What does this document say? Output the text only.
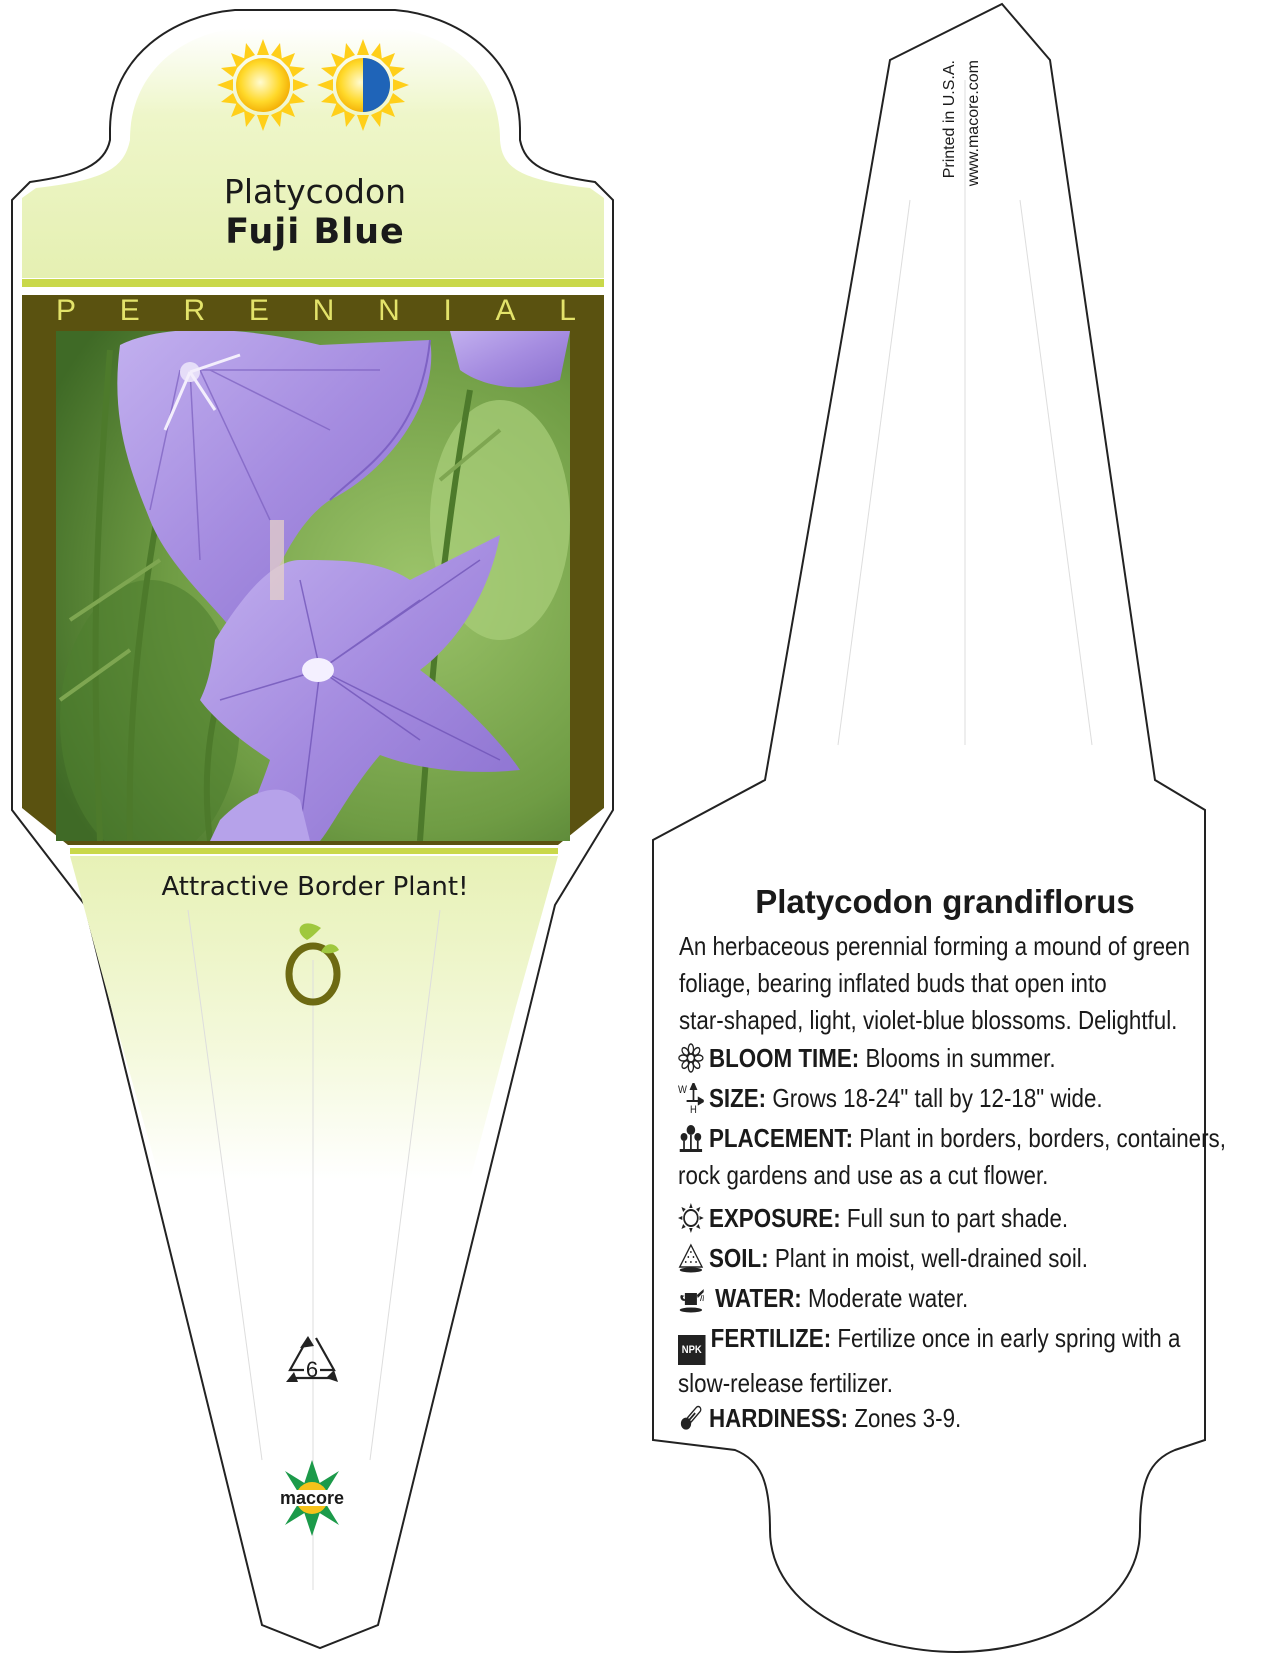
Platycodon
Fuji Blue
P E R E N N I A L
Attractive Border Plant!
6
macore
Printed in U.S.A. www.macore.com
Platycodon grandiflorus
An herbaceous perennial forming a mound of green
foliage, bearing inflated buds that open into
star-shaped, light, violet-blue blossoms. Delightful.
BLOOM TIME: Blooms in summer.
W
H SIZE: Grows 18-24" tall by 12-18" wide.
PLACEMENT: Plant in borders, borders, containers,
rock gardens and use as a cut flower.
EXPOSURE: Full sun to part shade.
SOIL: Plant in moist, well-drained soil.
WATER: Moderate water.
NPK FERTILIZE: Fertilize once in early spring with a
slow-release fertilizer.
HARDINESS: Zones 3-9.
